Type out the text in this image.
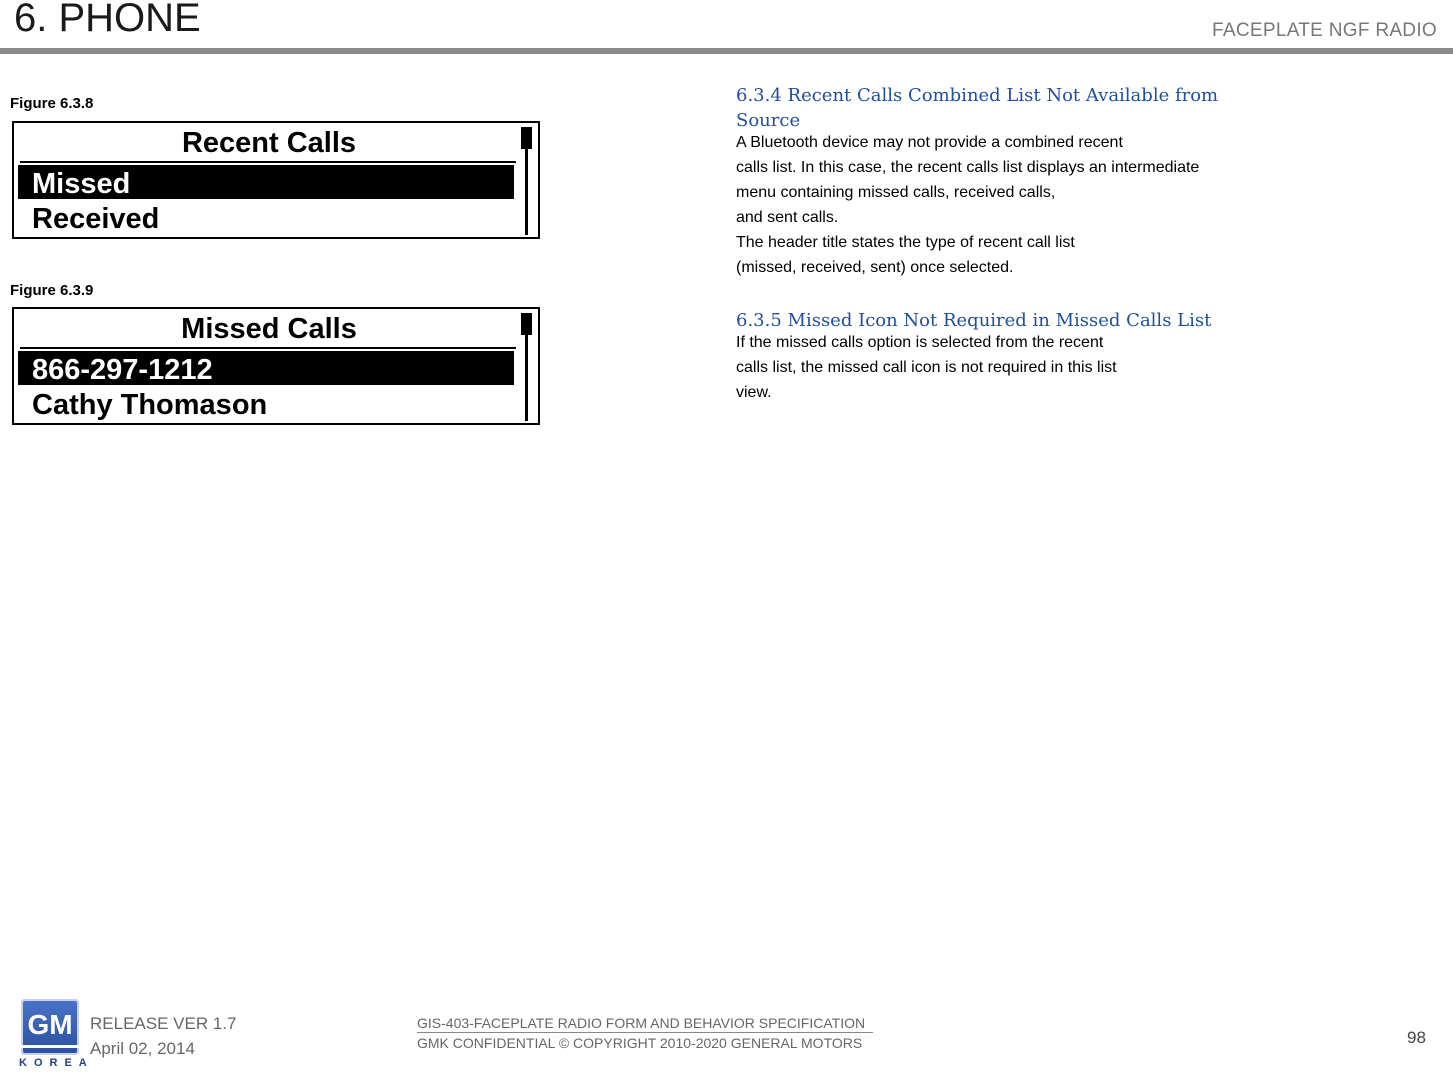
6. PHONE	FACEPLATE NGF RADIO
Figure 6.3.8
Recent Calls
Missed
Received
Figure 6.3.9
Missed Calls
866-297-1212
Cathy Thomason
6.3.4 Recent Calls Combined List Not Available from
Source
A Bluetooth device may not provide a combined recent
calls list. In this case, the recent calls list displays an intermediate
menu containing missed calls, received calls,
and sent calls.
The header title states the type of recent call list
(missed, received, sent) once selected.
6.3.5 Missed Icon Not Required in Missed Calls List
If the missed calls option is selected from the recent
calls list, the missed call icon is not required in this list
view.
GM
KOREA
RELEASE VER 1.7
April 02, 2014
GIS-403-FACEPLATE RADIO FORM AND BEHAVIOR SPECIFICATION
GMK CONFIDENTIAL © COPYRIGHT 2010-2020 GENERAL MOTORS	98
